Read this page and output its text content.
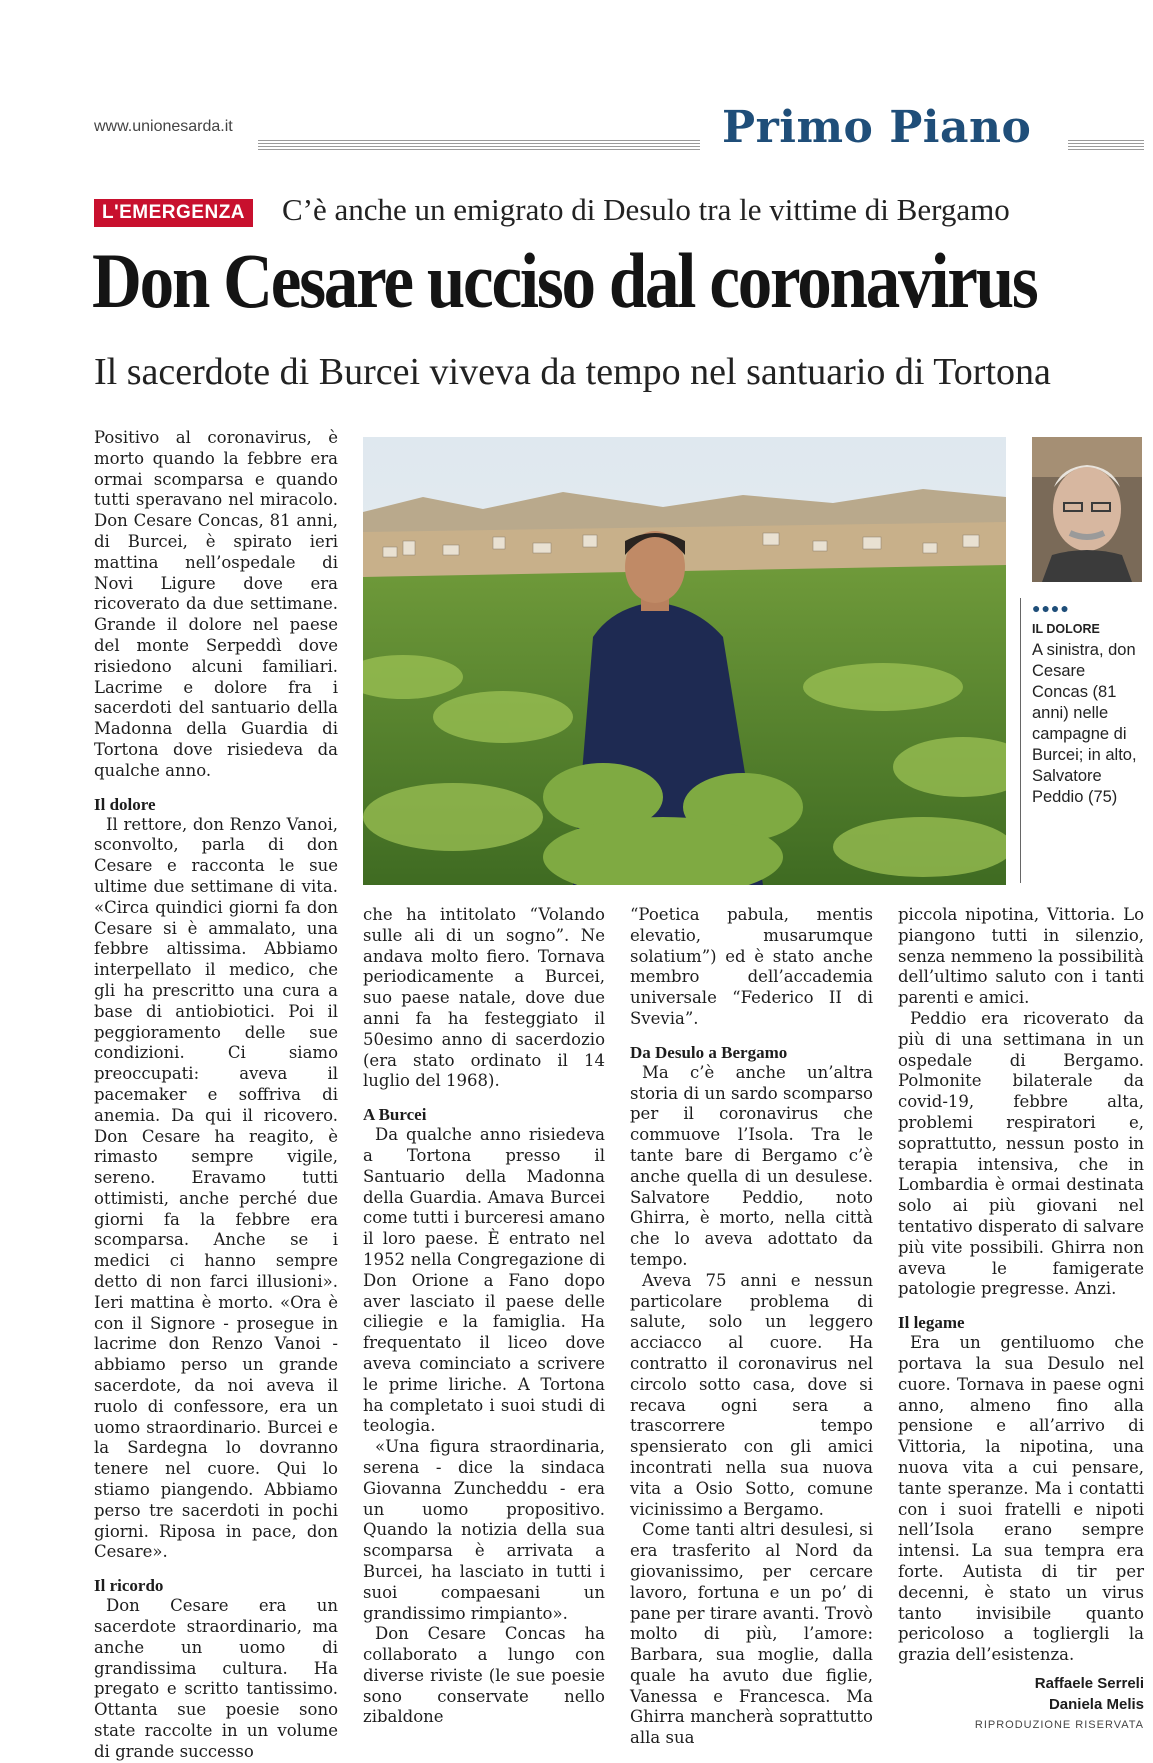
www.unionesarda.it	Primo Piano
L'EMERGENZA C’è anche un emigrato di Desulo tra le vittime di Bergamo
Don Cesare ucciso dal coronavirus
Il sacerdote di Burcei viveva da tempo nel santuario di Tortona

Positivo al coronavirus, è morto quando la febbre era ormai scomparsa e quando tutti speravano nel miracolo. Don Cesare Concas, 81 anni, di Burcei, è spirato ieri mattina nell’ospedale di Novi Ligure dove era ricoverato da due settimane. Grande il dolore nel paese del monte Serpeddì dove risiedono alcuni familiari. Lacrime e dolore fra i sacerdoti del santuario della Madonna della Guardia di Tortona dove risiedeva da qualche anno.

Il dolore

Il rettore, don Renzo Vanoi, sconvolto, parla di don Cesare e racconta le sue ultime due settimane di vita. «Circa quindici giorni fa don Cesare si è ammalato, una febbre altissima. Abbiamo interpellato il medico, che gli ha prescritto una cura a base di antiobiotici. Poi il peggioramento delle sue condizioni. Ci siamo preoccupati: aveva il pacemaker e soffriva di anemia. Da qui il ricovero. Don Cesare ha reagito, è rimasto sempre vigile, sereno. Eravamo tutti ottimisti, anche perché due giorni fa la febbre era scomparsa. Anche se i medici ci hanno sempre detto di non farci illusioni». Ieri mattina è morto. «Ora è con il Signore - prosegue in lacrime don Renzo Vanoi - abbiamo perso un grande sacerdote, da noi aveva il ruolo di confessore, era un uomo straordinario. Burcei e la Sardegna lo dovranno tenere nel cuore. Qui lo stiamo piangendo. Abbiamo perso tre sacerdoti in pochi giorni. Riposa in pace, don Cesare».

Il ricordo

Don Cesare era un sacerdote straordinario, ma anche un uomo di grandissima cultura. Ha pregato e scritto tantissimo. Ottanta sue poesie sono state raccolte in un volume di grande successo

●●●●
IL DOLORE
A sinistra, don Cesare Concas (81 anni) nelle campagne di Burcei; in alto, Salvatore Peddio (75)

che ha intitolato “Volando sulle ali di un sogno”. Ne andava molto fiero. Tornava periodicamente a Burcei, suo paese natale, dove due anni fa ha festeggiato il 50esimo anno di sacerdozio (era stato ordinato il 14 luglio del 1968).

A Burcei

Da qualche anno risiedeva a Tortona presso il Santuario della Madonna della Guardia. Amava Burcei come tutti i burceresi amano il loro paese. È entrato nel 1952 nella Congregazione di Don Orione a Fano dopo aver lasciato il paese delle ciliegie e la famiglia. Ha frequentato il liceo dove aveva cominciato a scrivere le prime liriche. A Tortona ha completato i suoi studi di teologia.

«Una figura straordinaria, serena - dice la sindaca Giovanna Zuncheddu - era un uomo propositivo. Quando la notizia della sua scomparsa è arrivata a Burcei, ha lasciato in tutti i suoi compaesani un grandissimo rimpianto».

Don Cesare Concas ha collaborato a lungo con diverse riviste (le sue poesie sono conservate nello zibaldone

“Poetica pabula, mentis elevatio, musarumque solatium”) ed è stato anche membro dell’accademia universale “Federico II di Svevia”.

Da Desulo a Bergamo

Ma c’è anche un’altra storia di un sardo scomparso per il coronavirus che commuove l’Isola. Tra le tante bare di Bergamo c’è anche quella di un desulese. Salvatore Peddio, noto Ghirra, è morto, nella città che lo aveva adottato da tempo.

Aveva 75 anni e nessun particolare problema di salute, solo un leggero acciacco al cuore. Ha contratto il coronavirus nel circolo sotto casa, dove si recava ogni sera a trascorrere tempo spensierato con gli amici incontrati nella sua nuova vita a Osio Sotto, comune vicinissimo a Bergamo.

Come tanti altri desulesi, si era trasferito al Nord da giovanissimo, per cercare lavoro, fortuna e un po’ di pane per tirare avanti. Trovò molto di più, l’amore: Barbara, sua moglie, dalla quale ha avuto due figlie, Vanessa e Francesca. Ma Ghirra mancherà soprattutto alla sua

piccola nipotina, Vittoria. Lo piangono tutti in silenzio, senza nemmeno la possibilità dell’ultimo saluto con i tanti parenti e amici.

Peddio era ricoverato da più di una settimana in un ospedale di Bergamo. Polmonite bilaterale da covid-19, febbre alta, problemi respiratori e, soprattutto, nessun posto in terapia intensiva, che in Lombardia è ormai destinata solo ai più giovani nel tentativo disperato di salvare più vite possibili. Ghirra non aveva le famigerate patologie pregresse. Anzi.

Il legame

Era un gentiluomo che portava la sua Desulo nel cuore. Tornava in paese ogni anno, almeno fino alla pensione e all’arrivo di Vittoria, la nipotina, una nuova vita a cui pensare, tante speranze. Ma i contatti con i suoi fratelli e nipoti nell’Isola erano sempre intensi. La sua tempra era forte. Autista di tir per decenni, è stato un virus tanto invisibile quanto pericoloso a togliergli la grazia dell’esistenza.

Raffaele Serreli
Daniela Melis
RIPRODUZIONE RISERVATA
